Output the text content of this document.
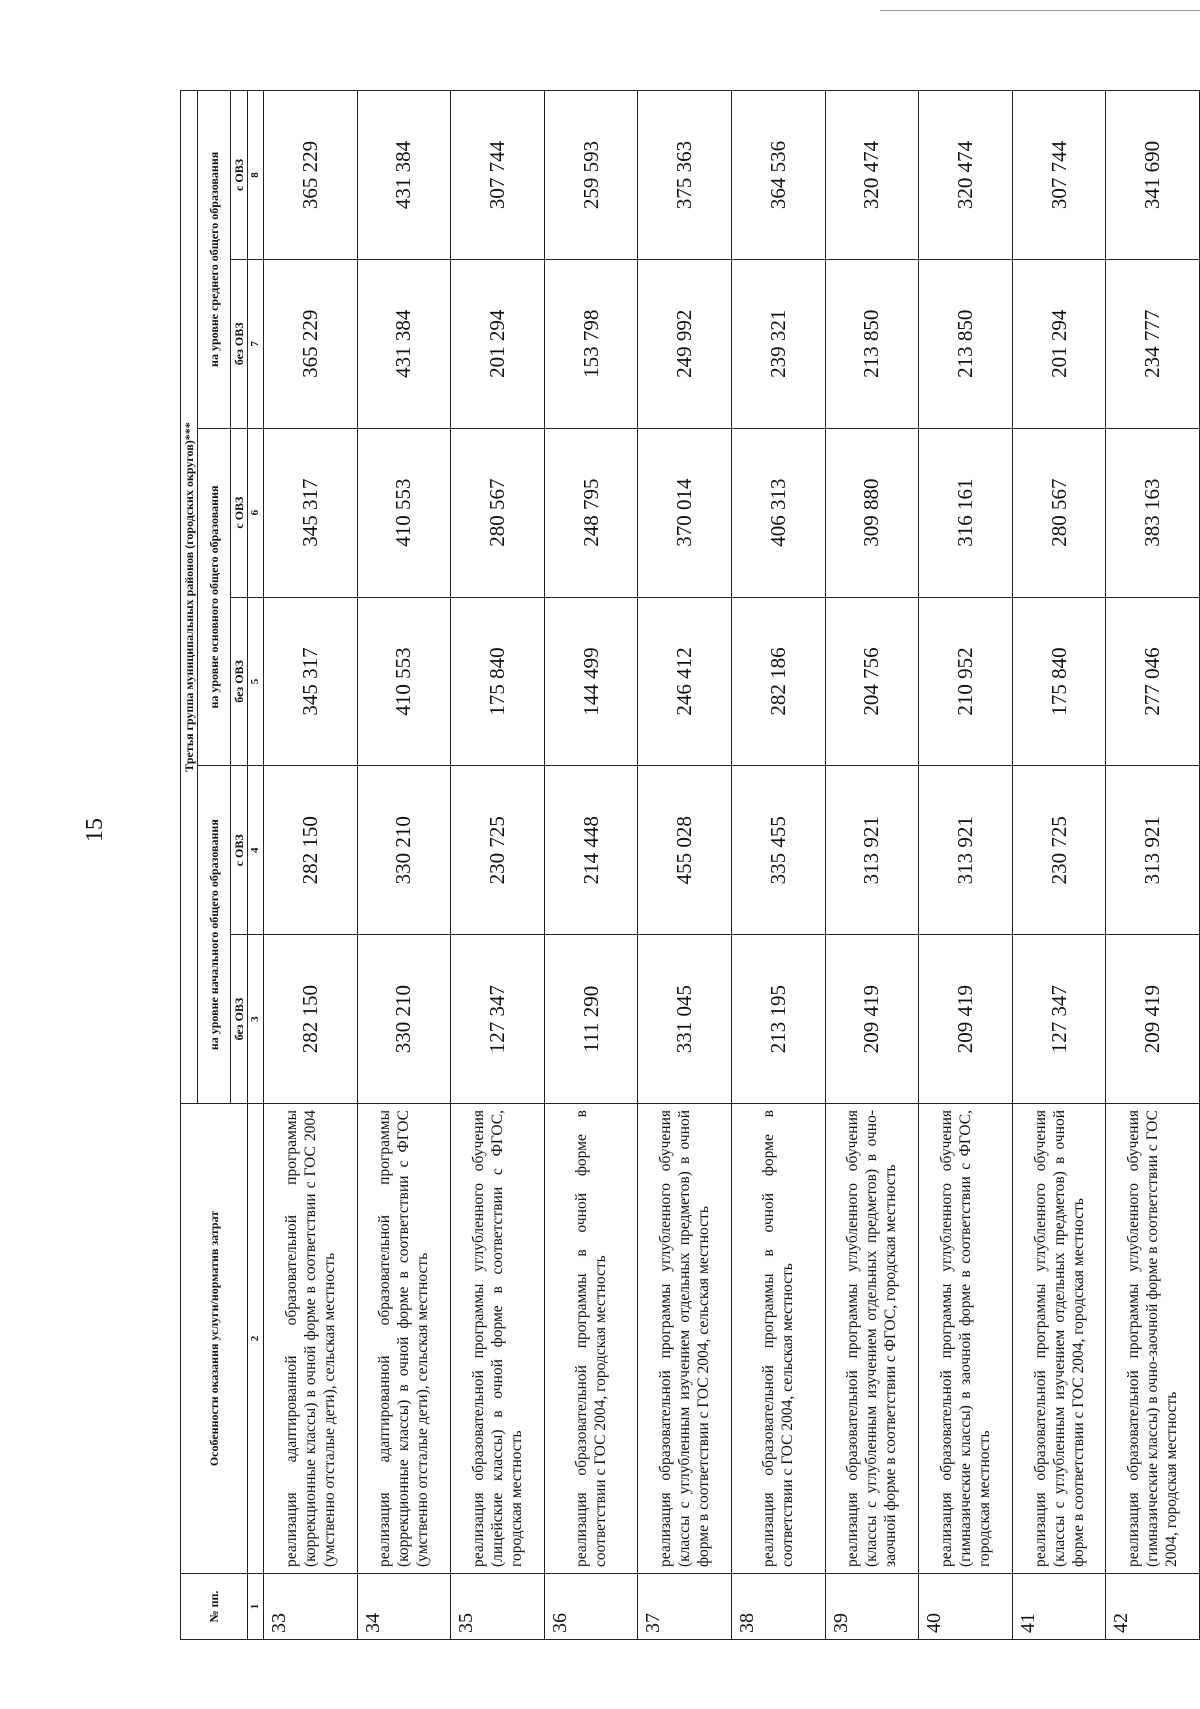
15
№ пп.	Особенности оказания услуги/норматив затрат	Третья группа муниципальных районов (городских округов)***					
		на уровне начального общего образования		на уровне основного общего образования		на уровне среднего общего образования	
		без ОВЗ	с ОВЗ	без ОВЗ	с ОВЗ	без ОВЗ	с ОВЗ
1	2	3	4	5	6	7	8
33	реализация адаптированной образовательной программы (коррекционные классы) в очной форме в соответствии с ГОС 2004 (умственно отсталые дети), сельская местность	282 150	282 150	345 317	345 317	365 229	365 229
34	реализация адаптированной образовательной программы (коррекционные классы) в очной форме в соответствии с ФГОС (умственно отсталые дети), сельская местность	330 210	330 210	410 553	410 553	431 384	431 384
35	реализация образовательной программы углубленного обучения (лицейские классы) в очной форме в соответствии с ФГОС, городская местность	127 347	230 725	175 840	280 567	201 294	307 744
36	реализация образовательной программы в очной форме в соответствии с ГОС 2004, городская местность	111 290	214 448	144 499	248 795	153 798	259 593
37	реализация образовательной программы углубленного обучения (классы с углубленным изучением отдельных предметов) в очной форме в соответствии с ГОС 2004, сельская местность	331 045	455 028	246 412	370 014	249 992	375 363
38	реализация образовательной программы в очной форме в соответствии с ГОС 2004, сельская местность	213 195	335 455	282 186	406 313	239 321	364 536
39	реализация образовательной программы углубленного обучения (классы с углубленным изучением отдельных предметов) в очно-заочной форме в соответствии с ФГОС, городская местность	209 419	313 921	204 756	309 880	213 850	320 474
40	реализация образовательной программы углубленного обучения (гимназические классы) в заочной форме в соответствии с ФГОС, городская местность	209 419	313 921	210 952	316 161	213 850	320 474
41	реализация образовательной программы углубленного обучения (классы с углубленным изучением отдельных предметов) в очной форме в соответствии с ГОС 2004, городская местность	127 347	230 725	175 840	280 567	201 294	307 744
42	реализация образовательной программы углубленного обучения (гимназические классы) в очно-заочной форме в соответствии с ГОС 2004, городская местность	209 419	313 921	277 046	383 163	234 777	341 690
